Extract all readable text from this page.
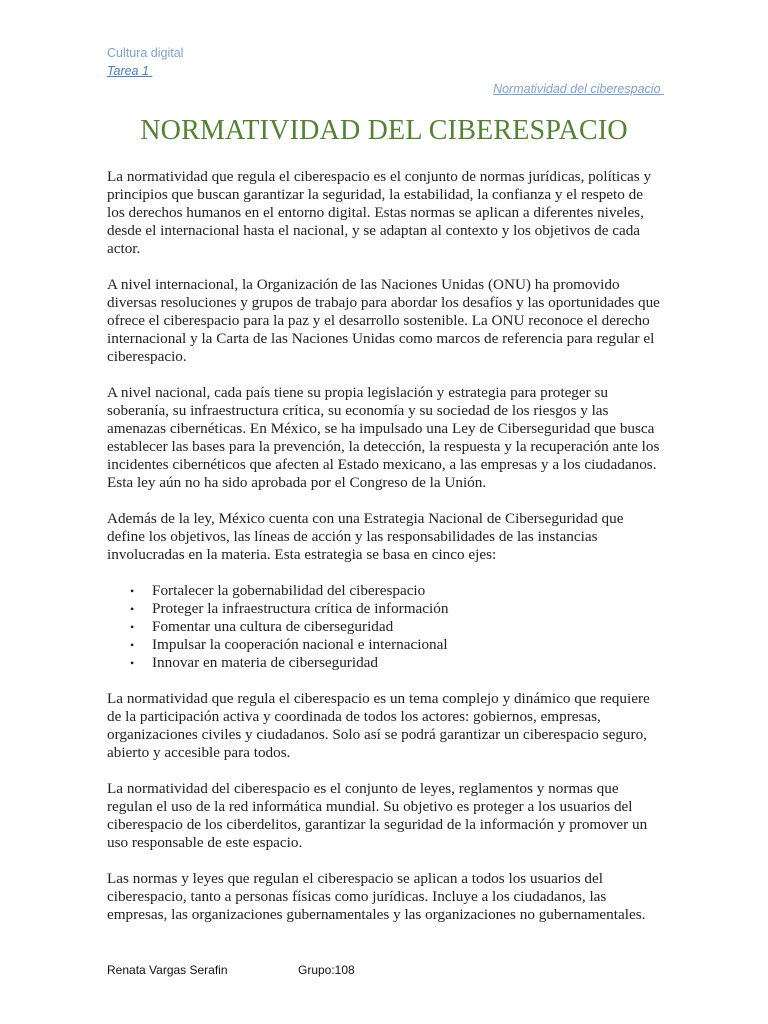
Cultura digital
Tarea 1
Normatividad del ciberespacio
NORMATIVIDAD DEL CIBERESPACIO

La normatividad que regula el ciberespacio es el conjunto de normas jurídicas, políticas y principios que buscan garantizar la seguridad, la estabilidad, la confianza y el respeto de los derechos humanos en el entorno digital. Estas normas se aplican a diferentes niveles, desde el internacional hasta el nacional, y se adaptan al contexto y los objetivos de cada actor.

A nivel internacional, la Organización de las Naciones Unidas (ONU) ha promovido diversas resoluciones y grupos de trabajo para abordar los desafíos y las oportunidades que ofrece el ciberespacio para la paz y el desarrollo sostenible. La ONU reconoce el derecho internacional y la Carta de las Naciones Unidas como marcos de referencia para regular el ciberespacio.

A nivel nacional, cada país tiene su propia legislación y estrategia para proteger su soberanía, su infraestructura crítica, su economía y su sociedad de los riesgos y las amenazas cibernéticas. En México, se ha impulsado una Ley de Ciberseguridad que busca establecer las bases para la prevención, la detección, la respuesta y la recuperación ante los incidentes cibernéticos que afecten al Estado mexicano, a las empresas y a los ciudadanos. Esta ley aún no ha sido aprobada por el Congreso de la Unión.

Además de la ley, México cuenta con una Estrategia Nacional de Ciberseguridad que define los objetivos, las líneas de acción y las responsabilidades de las instancias involucradas en la materia. Esta estrategia se basa en cinco ejes:

• Fortalecer la gobernabilidad del ciberespacio
• Proteger la infraestructura crítica de información
• Fomentar una cultura de ciberseguridad
• Impulsar la cooperación nacional e internacional
• Innovar en materia de ciberseguridad

La normatividad que regula el ciberespacio es un tema complejo y dinámico que requiere de la participación activa y coordinada de todos los actores: gobiernos, empresas, organizaciones civiles y ciudadanos. Solo así se podrá garantizar un ciberespacio seguro, abierto y accesible para todos.

La normatividad del ciberespacio es el conjunto de leyes, reglamentos y normas que regulan el uso de la red informática mundial. Su objetivo es proteger a los usuarios del ciberespacio de los ciberdelitos, garantizar la seguridad de la información y promover un uso responsable de este espacio.

Las normas y leyes que regulan el ciberespacio se aplican a todos los usuarios del ciberespacio, tanto a personas físicas como jurídicas. Incluye a los ciudadanos, las empresas, las organizaciones gubernamentales y las organizaciones no gubernamentales.

Renata Vargas Serafin	Grupo:108
